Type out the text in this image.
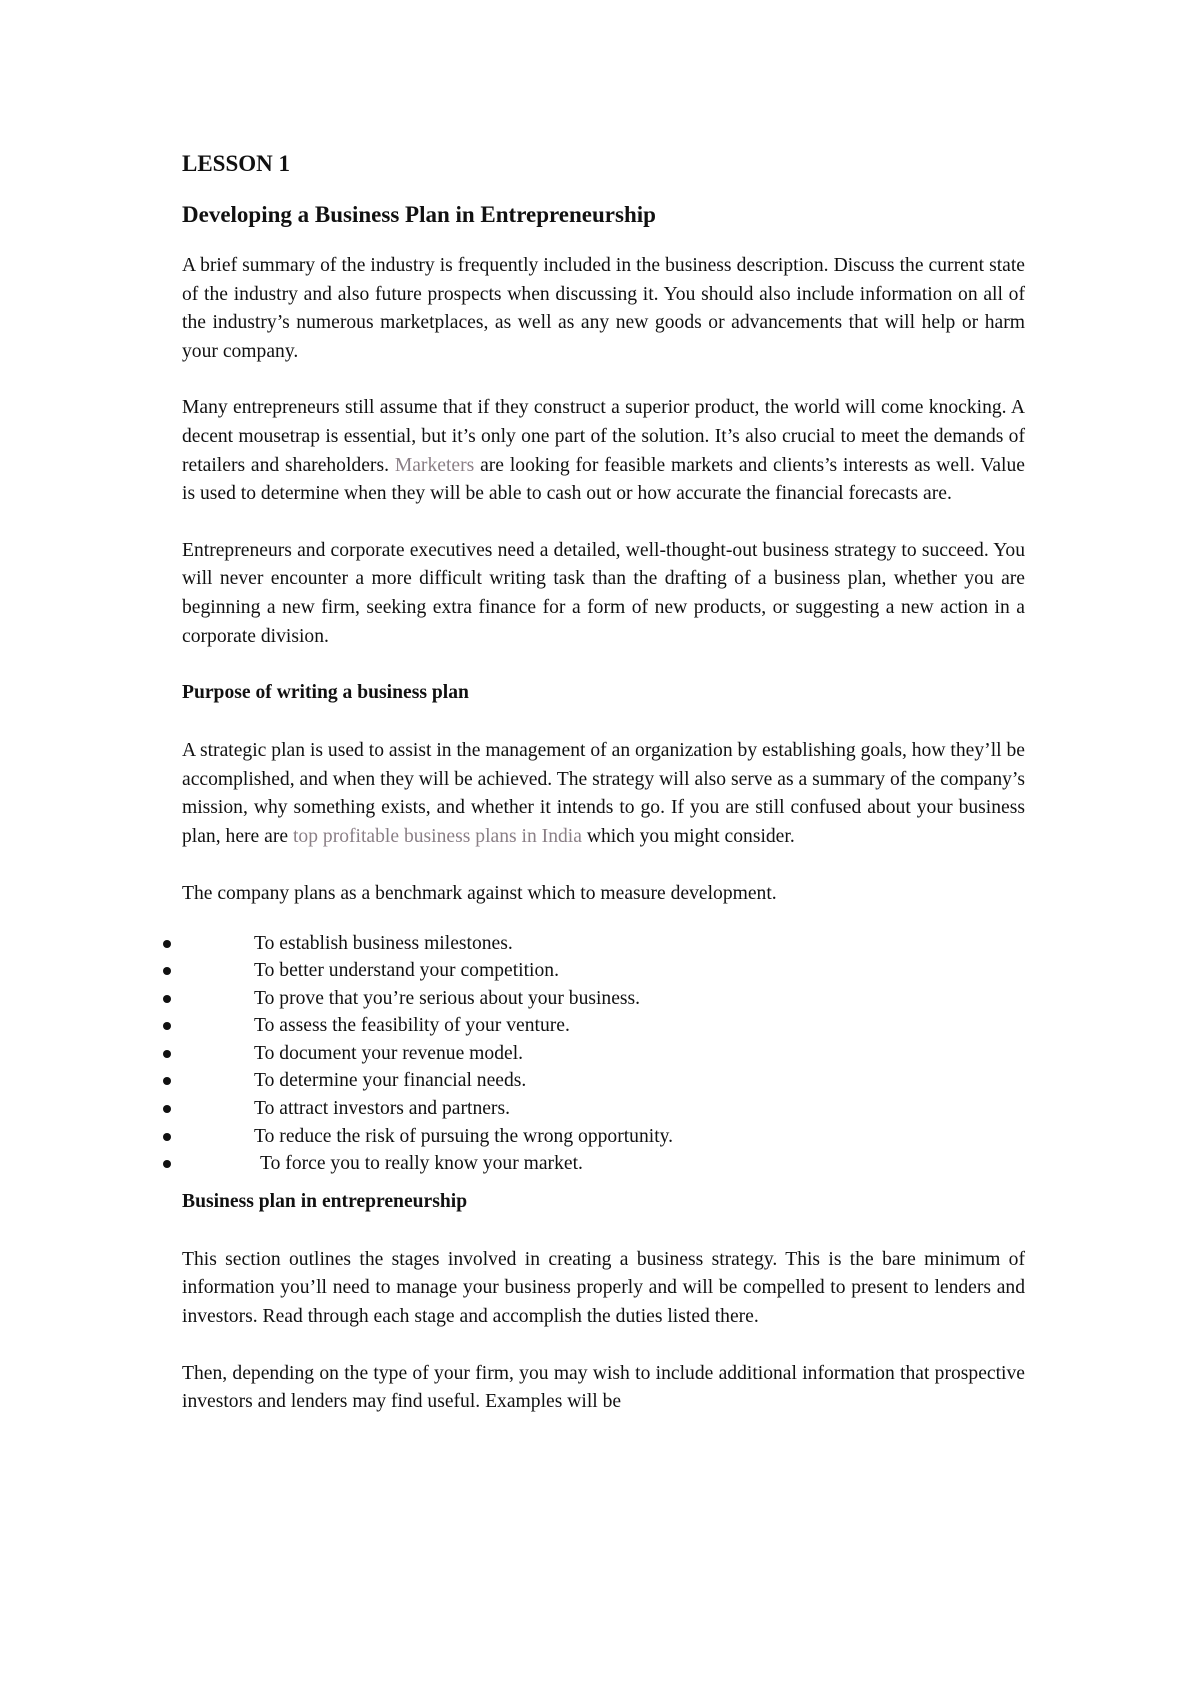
LESSON 1
Developing a Business Plan in Entrepreneurship

A brief summary of the industry is frequently included in the business description. Discuss the current state of the industry and also future prospects when discussing it. You should also include information on all of the industry’s numerous marketplaces, as well as any new goods or advancements that will help or harm your company.

Many entrepreneurs still assume that if they construct a superior product, the world will come knocking. A decent mousetrap is essential, but it’s only one part of the solution. It’s also crucial to meet the demands of retailers and shareholders. Marketers are looking for feasible markets and clients’s interests as well. Value is used to determine when they will be able to cash out or how accurate the financial forecasts are.

Entrepreneurs and corporate executives need a detailed, well-thought-out business strategy to succeed. You will never encounter a more difficult writing task than the drafting of a business plan, whether you are beginning a new firm, seeking extra finance for a form of new products, or suggesting a new action in a corporate division.

Purpose of writing a business plan

A strategic plan is used to assist in the management of an organization by establishing goals, how they’ll be accomplished, and when they will be achieved. The strategy will also serve as a summary of the company’s mission, why something exists, and whether it intends to go. If you are still confused about your business plan, here are top profitable business plans in India which you might consider.

The company plans as a benchmark against which to measure development.

To establish business milestones.
To better understand your competition.
To prove that you’re serious about your business.
To assess the feasibility of your venture.
To document your revenue model.
To determine your financial needs.
To attract investors and partners.
To reduce the risk of pursuing the wrong opportunity.
To force you to really know your market.
Business plan in entrepreneurship

This section outlines the stages involved in creating a business strategy. This is the bare minimum of information you’ll need to manage your business properly and will be compelled to present to lenders and investors. Read through each stage and accomplish the duties listed there.

Then, depending on the type of your firm, you may wish to include additional information that prospective investors and lenders may find useful. Examples will be
